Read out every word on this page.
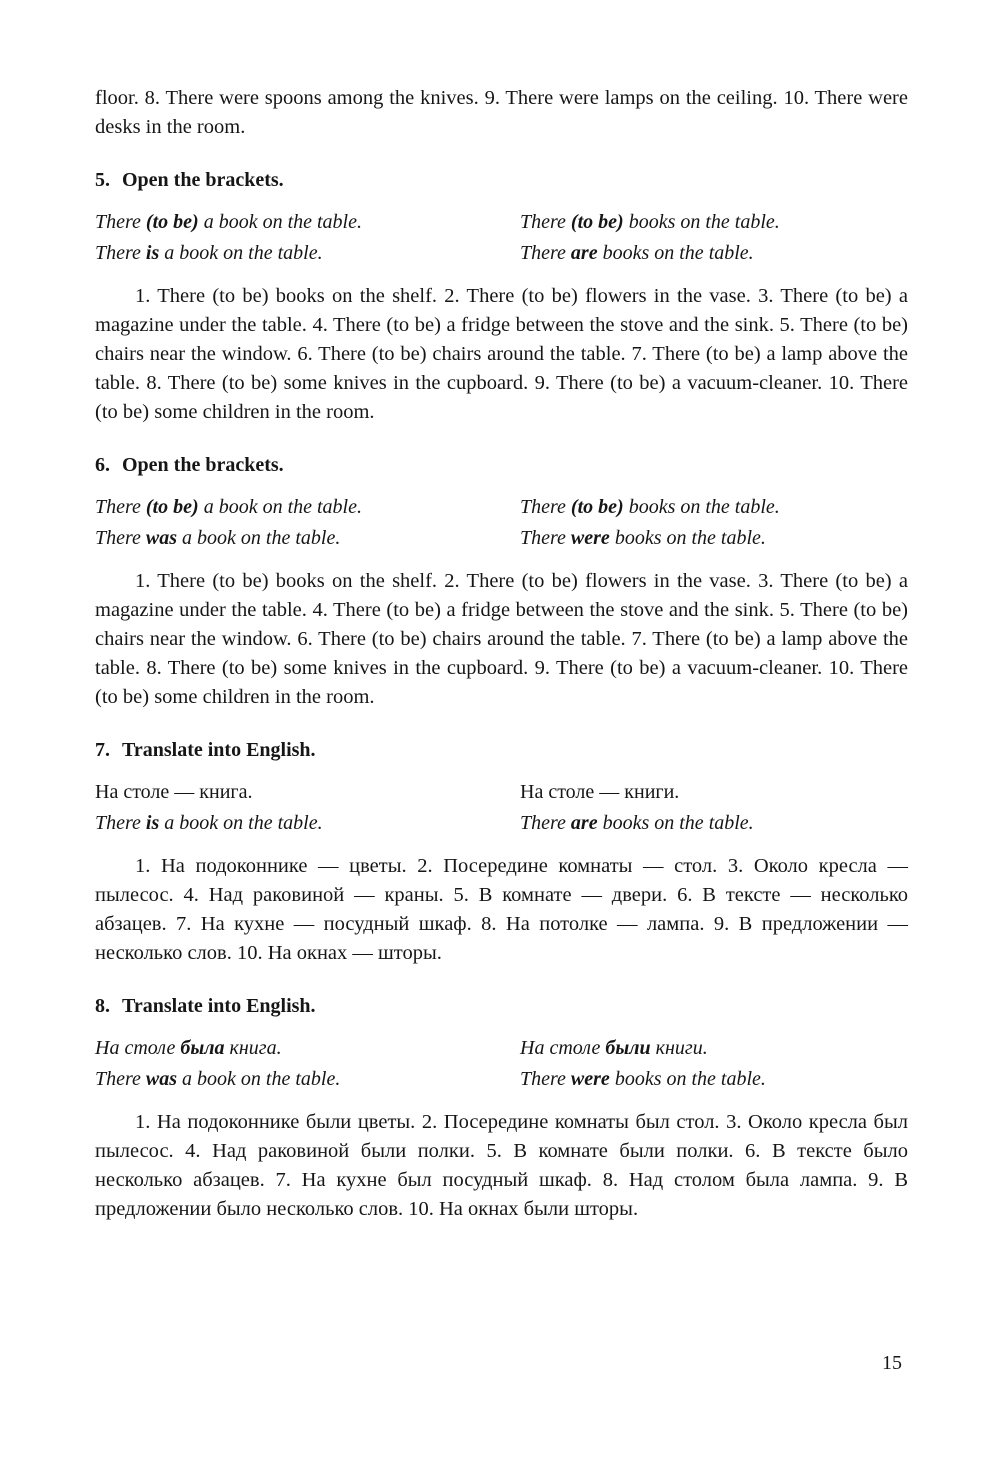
floor. 8. There were spoons among the knives. 9. There were lamps on the ceiling. 10. There were desks in the room.

5. Open the brackets.
There (to be) a book on the table.
There is a book on the table.
There (to be) books on the table.
There are books on the table.

1. There (to be) books on the shelf. 2. There (to be) flowers in the vase. 3. There (to be) a magazine under the table. 4. There (to be) a fridge between the stove and the sink. 5. There (to be) chairs near the window. 6. There (to be) chairs around the table. 7. There (to be) a lamp above the table. 8. There (to be) some knives in the cupboard. 9. There (to be) a vacuum-cleaner. 10. There (to be) some children in the room.

6. Open the brackets.
There (to be) a book on the table.
There was a book on the table.
There (to be) books on the table.
There were books on the table.

1. There (to be) books on the shelf. 2. There (to be) flowers in the vase. 3. There (to be) a magazine under the table. 4. There (to be) a fridge between the stove and the sink. 5. There (to be) chairs near the window. 6. There (to be) chairs around the table. 7. There (to be) a lamp above the table. 8. There (to be) some knives in the cupboard. 9. There (to be) a vacuum-cleaner. 10. There (to be) some children in the room.

7. Translate into English.
На столе — книга.
There is a book on the table.
На столе — книги.
There are books on the table.

1. На подоконнике — цветы. 2. Посередине комнаты — стол. 3. Около кресла — пылесос. 4. Над раковиной — краны. 5. В комнате — двери. 6. В тексте — несколько абзацев. 7. На кухне — посудный шкаф. 8. На потолке — лампа. 9. В предложении — несколько слов. 10. На окнах — шторы.

8. Translate into English.
На столе была книга.
There was a book on the table.
На столе были книги.
There were books on the table.

1. На подоконнике были цветы. 2. Посередине комнаты был стол. 3. Около кресла был пылесос. 4. Над раковиной были полки. 5. В комнате были полки. 6. В тексте было несколько абзацев. 7. На кухне был посудный шкаф. 8. Над столом была лампа. 9. В предложении было несколько слов. 10. На окнах были шторы.

15
